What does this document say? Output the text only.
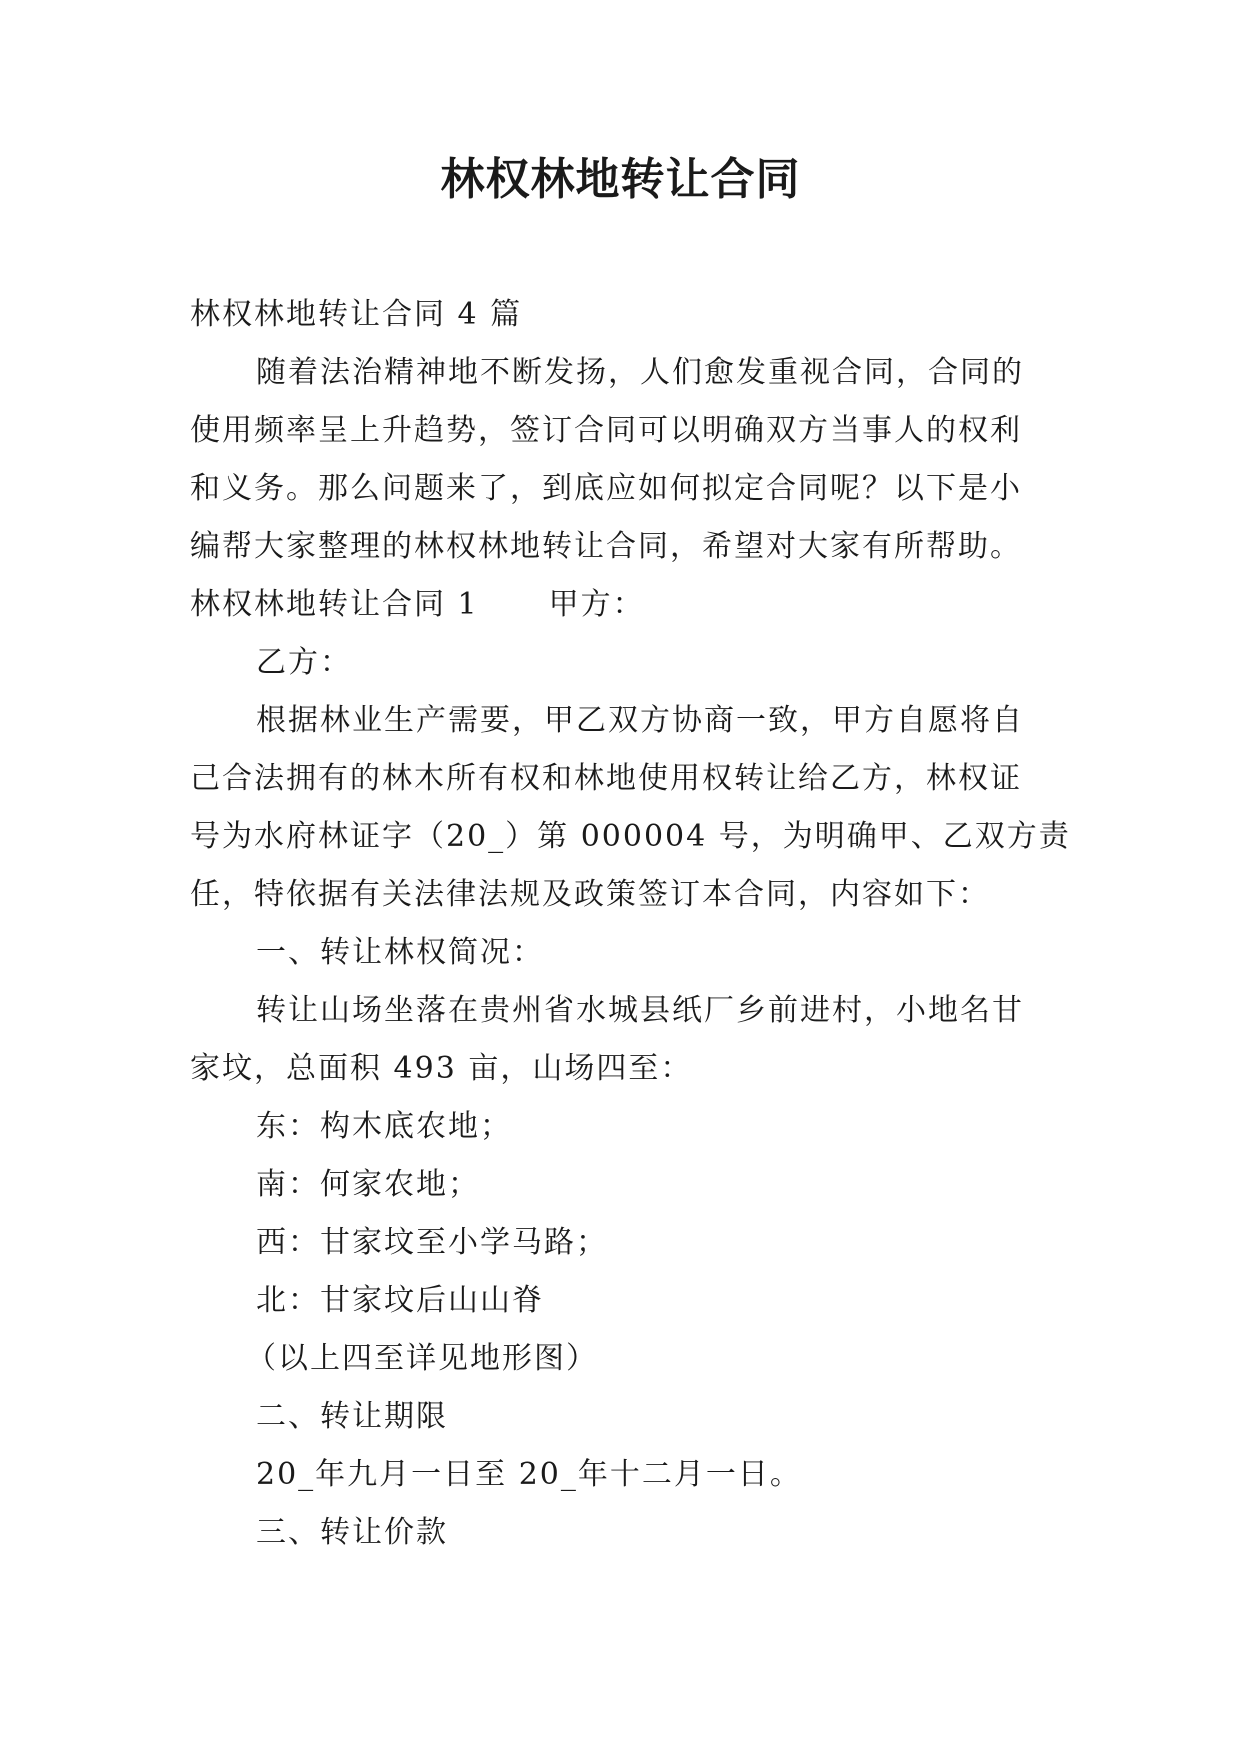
林权林地转让合同
林权林地转让合同 4 篇
随着法治精神地不断发扬，人们愈发重视合同，合同的
使用频率呈上升趋势，签订合同可以明确双方当事人的权利
和义务。那么问题来了，到底应如何拟定合同呢？以下是小
编帮大家整理的林权林地转让合同，希望对大家有所帮助。
林权林地转让合同 1 甲方：
乙方：
根据林业生产需要，甲乙双方协商一致，甲方自愿将自
己合法拥有的林木所有权和林地使用权转让给乙方，林权证
号为水府林证字（20_）第 000004 号，为明确甲、乙双方责
任，特依据有关法律法规及政策签订本合同，内容如下：
一、转让林权简况：
转让山场坐落在贵州省水城县纸厂乡前进村，小地名甘
家坟，总面积 493 亩，山场四至：
东：构木底农地；
南：何家农地；
西：甘家坟至小学马路；
北：甘家坟后山山脊
（以上四至详见地形图）
二、转让期限
20_年九月一日至 20_年十二月一日。
三、转让价款
